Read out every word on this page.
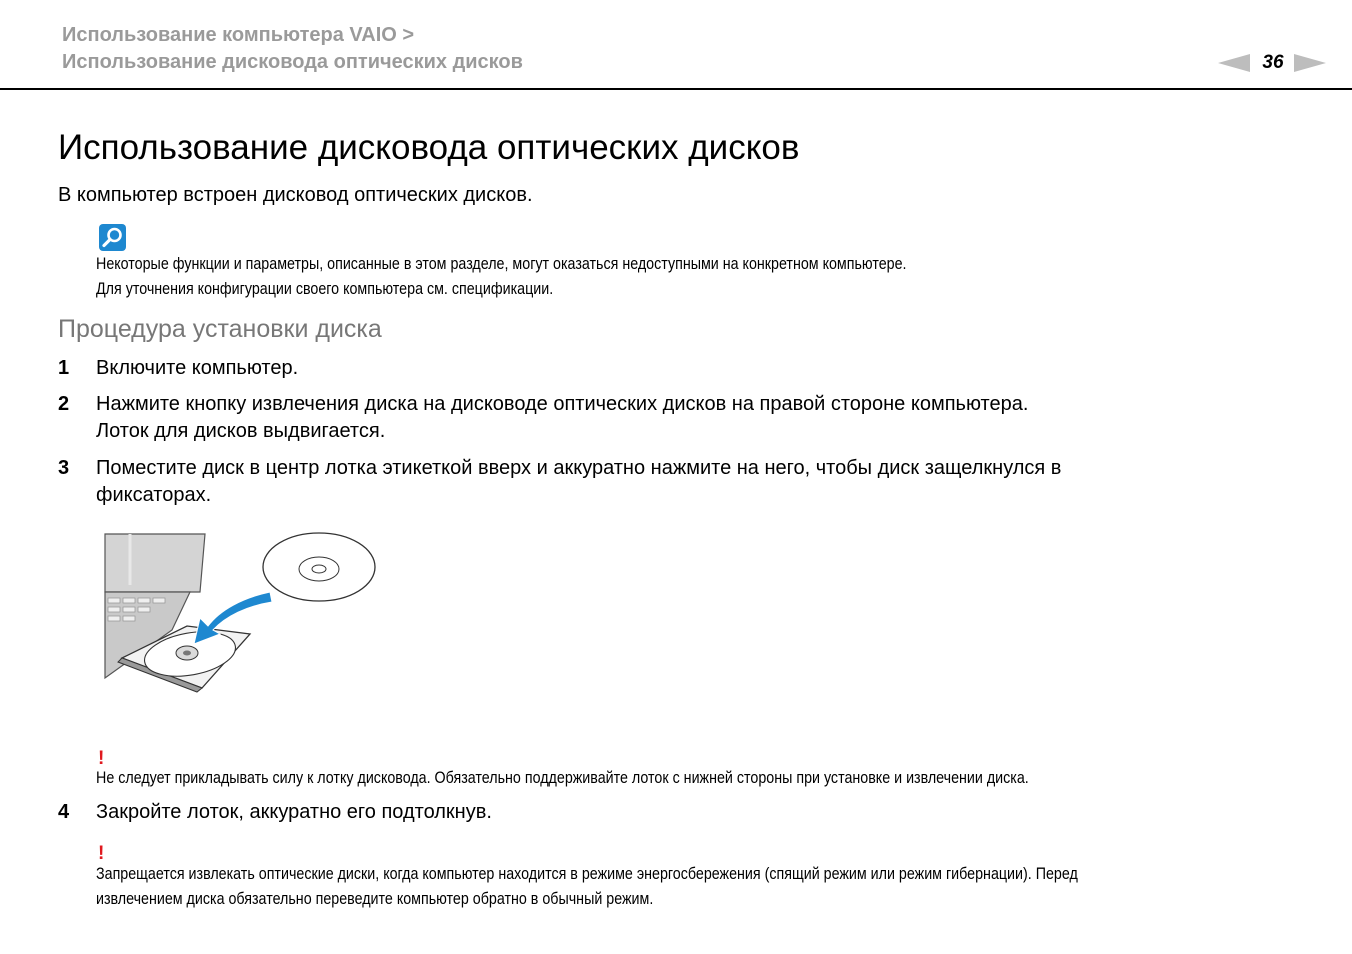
Использование компьютера VAIO >
Использование дисковода оптических дисков	36
Использование дисковода оптических дисков
В компьютер встроен дисковод оптических дисков.
Некоторые функции и параметры, описанные в этом разделе, могут оказаться недоступными на конкретном компьютере.
Для уточнения конфигурации своего компьютера см. спецификации.
Процедура установки диска
1 Включите компьютер.
2 Нажмите кнопку извлечения диска на дисководе оптических дисков на правой стороне компьютера.
Лоток для дисков выдвигается.
3 Поместите диск в центр лотка этикеткой вверх и аккуратно нажмите на него, чтобы диск защелкнулся в
фиксаторах.
!
Не следует прикладывать силу к лотку дисковода. Обязательно поддерживайте лоток с нижней стороны при установке и извлечении диска.
4 Закройте лоток, аккуратно его подтолкнув.
!
Запрещается извлекать оптические диски, когда компьютер находится в режиме энергосбережения (спящий режим или режим гибернации). Перед
извлечением диска обязательно переведите компьютер обратно в обычный режим.
